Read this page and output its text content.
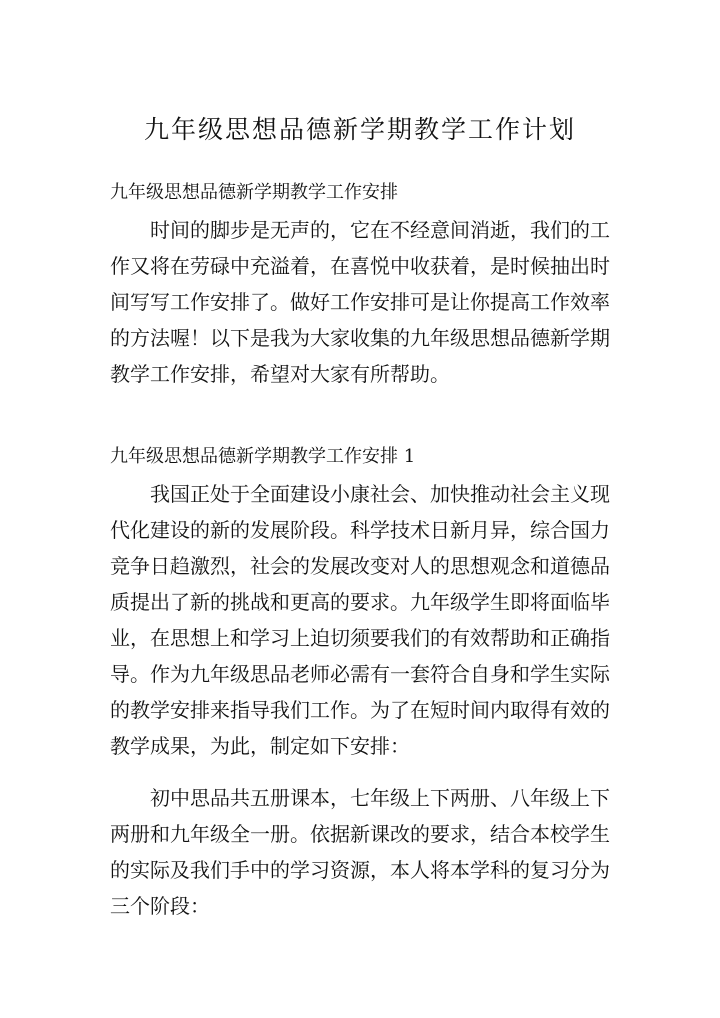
九年级思想品德新学期教学工作计划

九年级思想品德新学期教学工作安排

时间的脚步是无声的，它在不经意间消逝，我们的工作又将在劳碌中充溢着，在喜悦中收获着，是时候抽出时间写写工作安排了。做好工作安排可是让你提高工作效率的方法喔！以下是我为大家收集的九年级思想品德新学期教学工作安排，希望对大家有所帮助。

九年级思想品德新学期教学工作安排 1

我国正处于全面建设小康社会、加快推动社会主义现代化建设的新的发展阶段。科学技术日新月异，综合国力竞争日趋激烈，社会的发展改变对人的思想观念和道德品质提出了新的挑战和更高的要求。九年级学生即将面临毕业，在思想上和学习上迫切须要我们的有效帮助和正确指导。作为九年级思品老师必需有一套符合自身和学生实际的教学安排来指导我们工作。为了在短时间内取得有效的教学成果，为此，制定如下安排：

初中思品共五册课本，七年级上下两册、八年级上下两册和九年级全一册。依据新课改的要求，结合本校学生的实际及我们手中的学习资源，本人将本学科的复习分为三个阶段：
